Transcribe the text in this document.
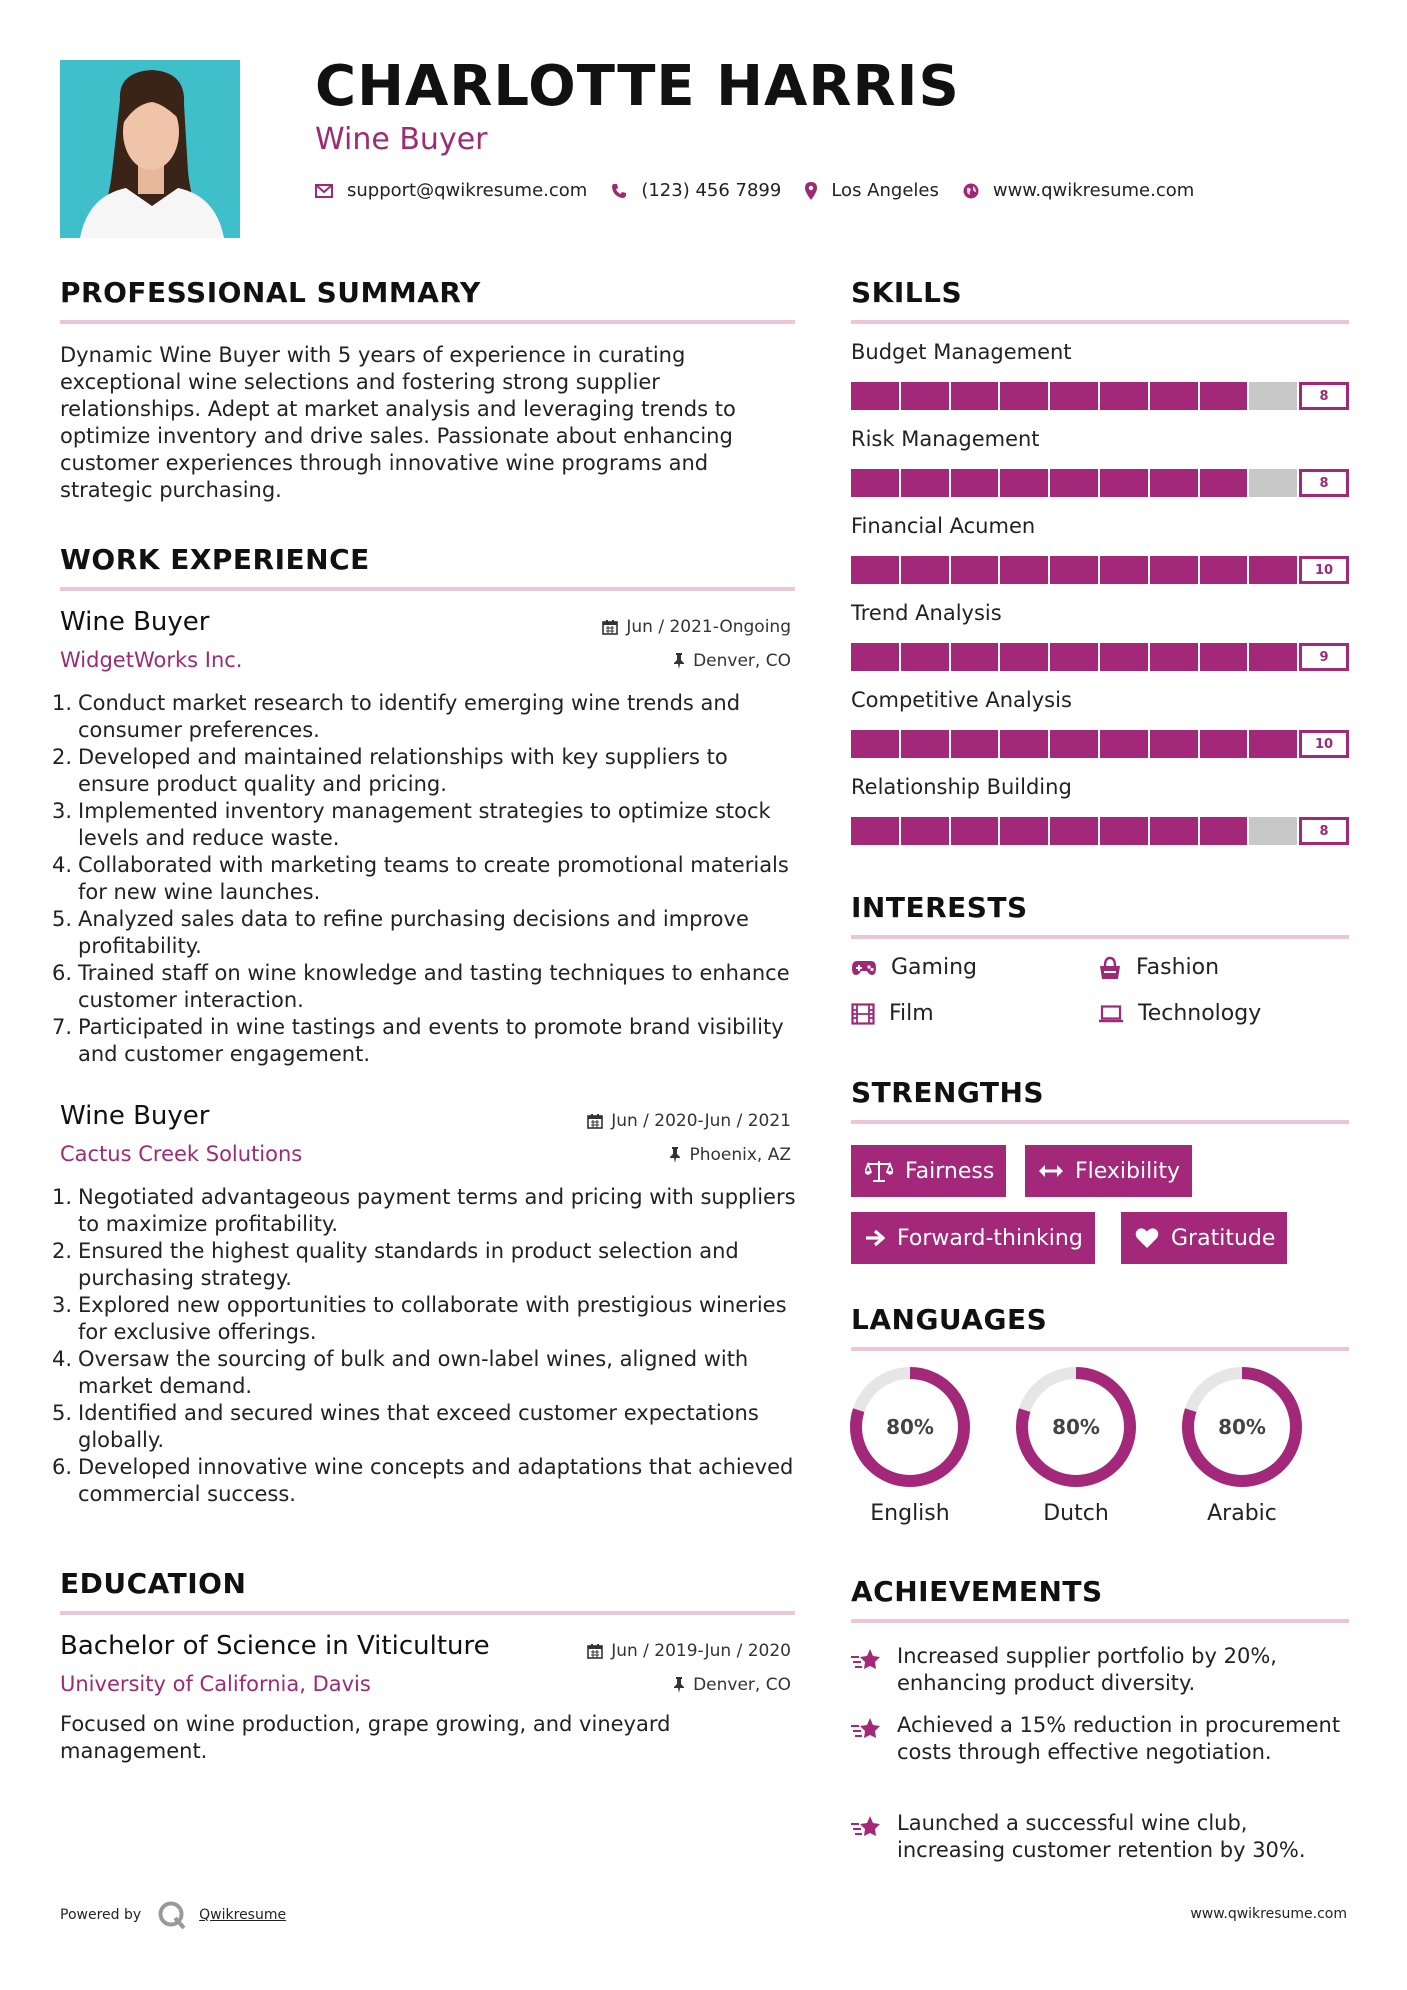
CHARLOTTE HARRIS
Wine Buyer
support@qwikresume.com	(123) 456 7899	Los Angeles	www.qwikresume.com
PROFESSIONAL SUMMARY
Dynamic Wine Buyer with 5 years of experience in curating exceptional wine selections and fostering strong supplier relationships. Adept at market analysis and leveraging trends to optimize inventory and drive sales. Passionate about enhancing customer experiences through innovative wine programs and strategic purchasing.
WORK EXPERIENCE
Wine Buyer	Jun / 2021-Ongoing
WidgetWorks Inc.	Denver, CO
1. Conduct market research to identify emerging wine trends and consumer preferences.
2. Developed and maintained relationships with key suppliers to ensure product quality and pricing.
3. Implemented inventory management strategies to optimize stock levels and reduce waste.
4. Collaborated with marketing teams to create promotional materials for new wine launches.
5. Analyzed sales data to refine purchasing decisions and improve profitability.
6. Trained staff on wine knowledge and tasting techniques to enhance customer interaction.
7. Participated in wine tastings and events to promote brand visibility and customer engagement.
Wine Buyer	Jun / 2020-Jun / 2021
Cactus Creek Solutions	Phoenix, AZ
1. Negotiated advantageous payment terms and pricing with suppliers to maximize profitability.
2. Ensured the highest quality standards in product selection and purchasing strategy.
3. Explored new opportunities to collaborate with prestigious wineries for exclusive offerings.
4. Oversaw the sourcing of bulk and own-label wines, aligned with market demand.
5. Identified and secured wines that exceed customer expectations globally.
6. Developed innovative wine concepts and adaptations that achieved commercial success.
EDUCATION
Bachelor of Science in Viticulture	Jun / 2019-Jun / 2020
University of California, Davis	Denver, CO
Focused on wine production, grape growing, and vineyard management.
SKILLS
Budget Management
8
Risk Management
8
Financial Acumen
10
Trend Analysis
9
Competitive Analysis
10
Relationship Building
8
INTERESTS
Gaming	Fashion
Film	Technology
STRENGTHS
Fairness	Flexibility
Forward-thinking	Gratitude
LANGUAGES
80%
English
80%
Dutch
80%
Arabic
ACHIEVEMENTS
Increased supplier portfolio by 20%, enhancing product diversity.
Achieved a 15% reduction in procurement costs through effective negotiation.
Launched a successful wine club, increasing customer retention by 30%.
Powered by	Qwikresume	www.qwikresume.com
